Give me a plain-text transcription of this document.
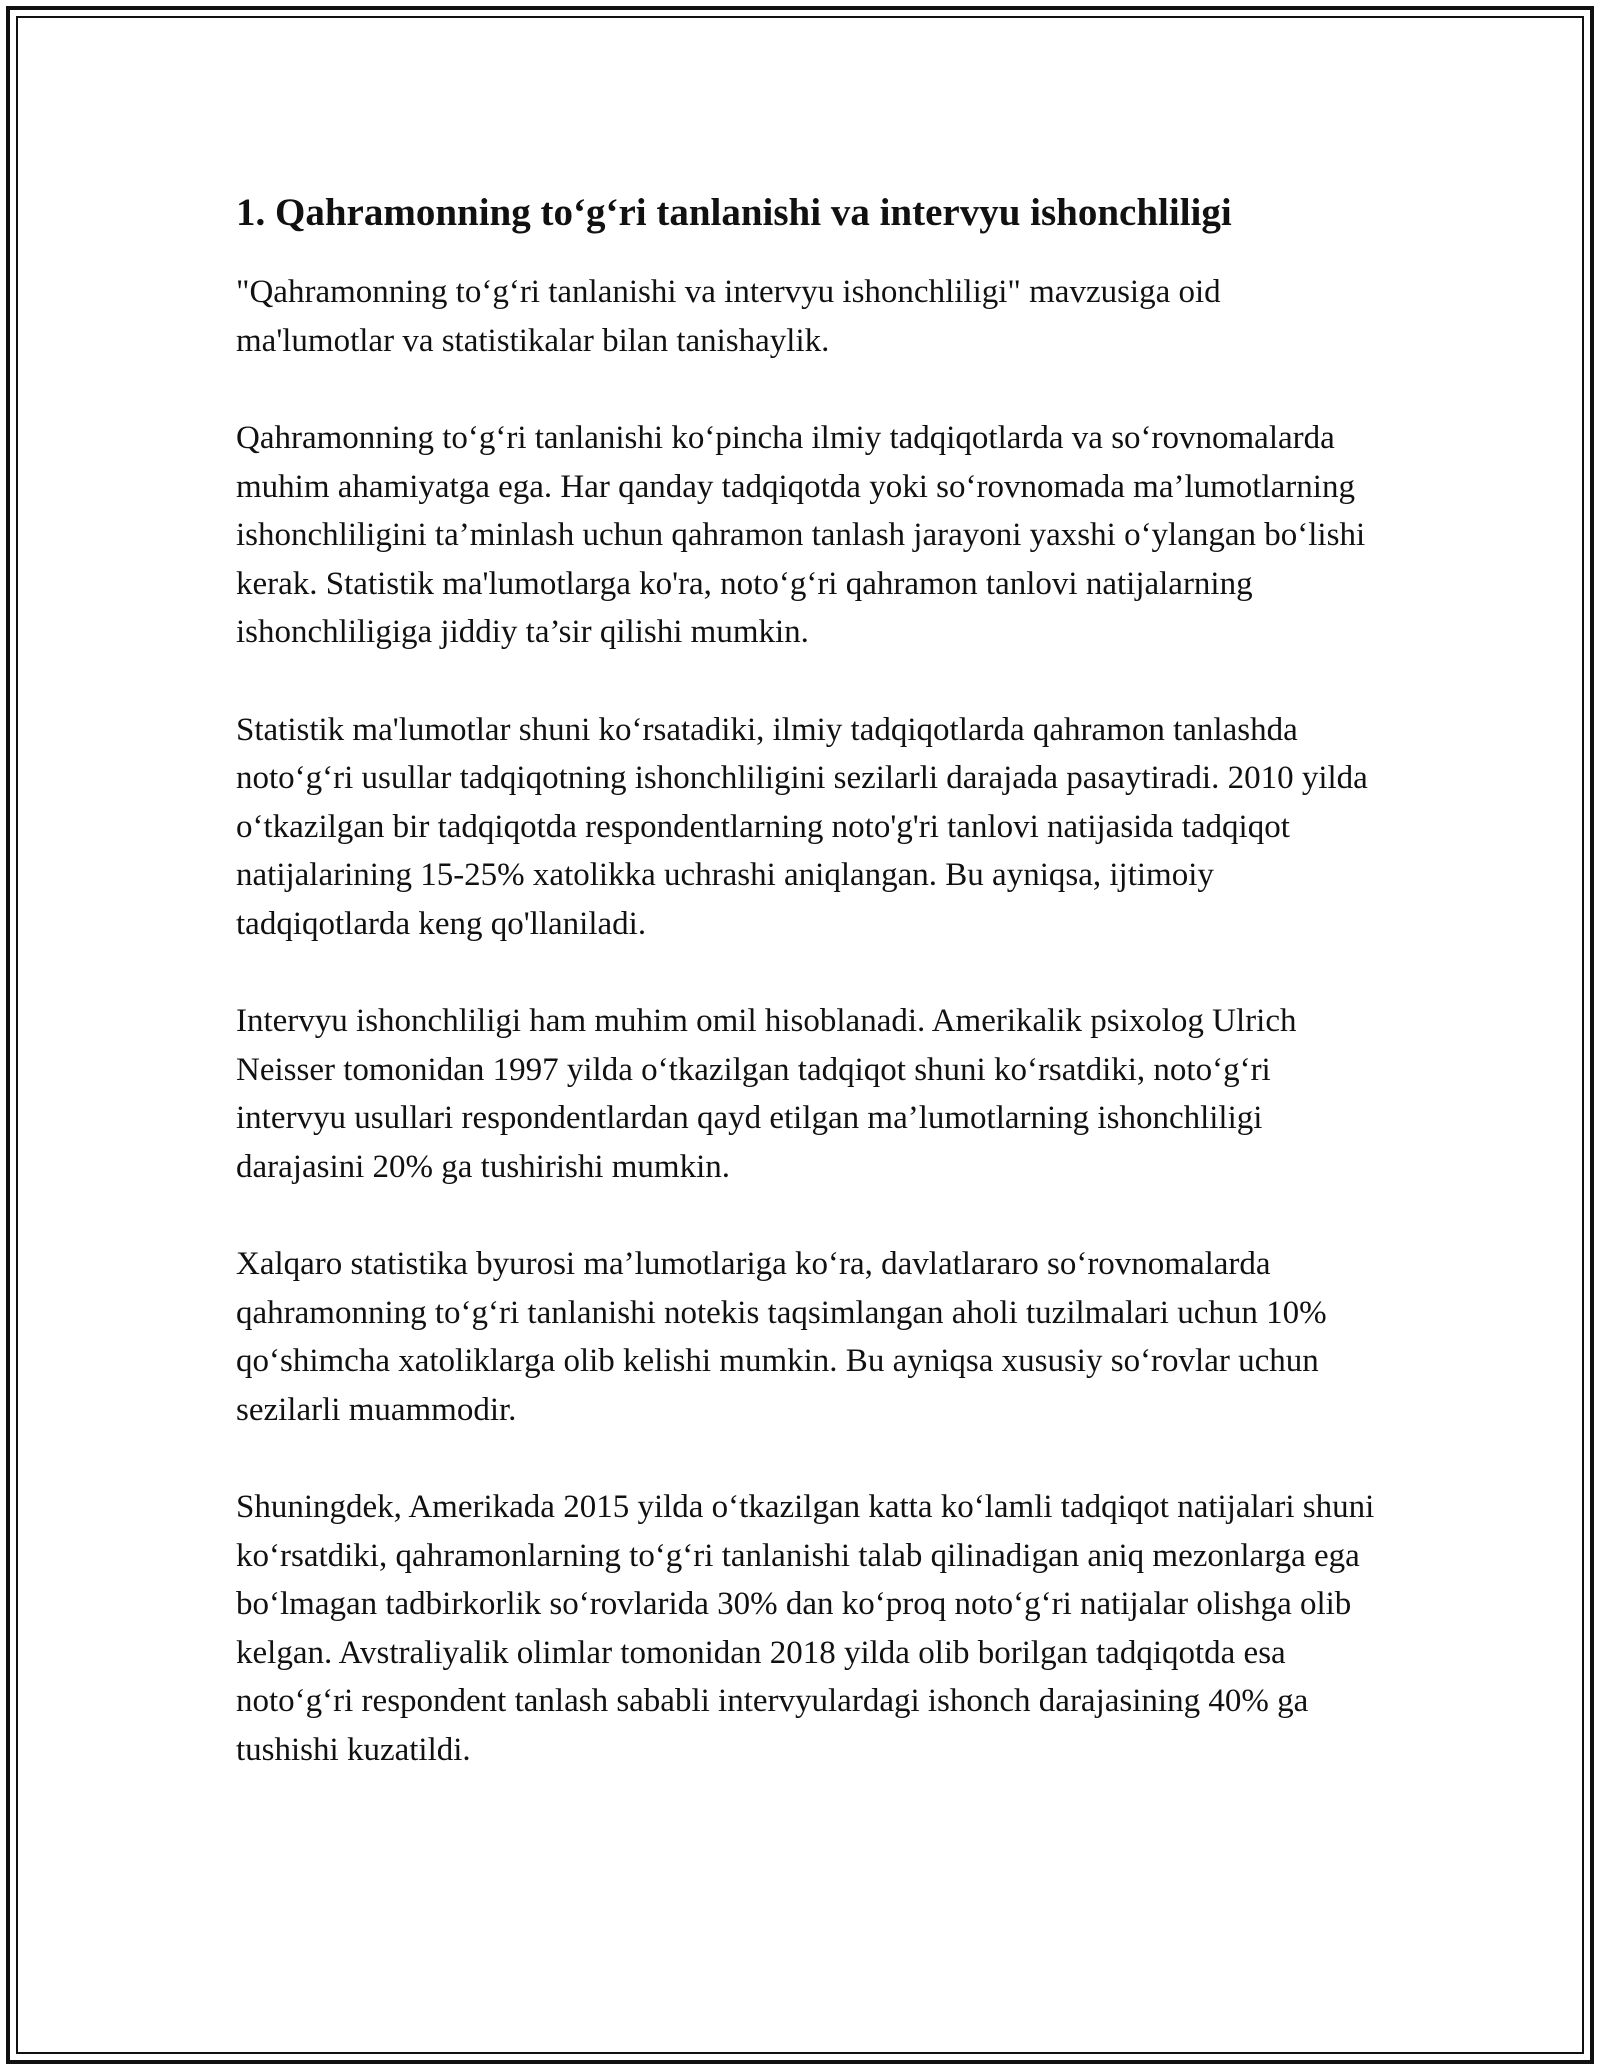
1. Qahramonning to‘g‘ri tanlanishi va intervyu ishonchliligi

"Qahramonning to‘g‘ri tanlanishi va intervyu ishonchliligi" mavzusiga oid ma'lumotlar va statistikalar bilan tanishaylik.

Qahramonning to‘g‘ri tanlanishi ko‘pincha ilmiy tadqiqotlarda va so‘rovnomalarda muhim ahamiyatga ega. Har qanday tadqiqotda yoki so‘rovnomada ma’lumotlarning ishonchliligini ta’minlash uchun qahramon tanlash jarayoni yaxshi o‘ylangan bo‘lishi kerak. Statistik ma'lumotlarga ko'ra, noto‘g‘ri qahramon tanlovi natijalarning ishonchliligiga jiddiy ta’sir qilishi mumkin.

Statistik ma'lumotlar shuni ko‘rsatadiki, ilmiy tadqiqotlarda qahramon tanlashda noto‘g‘ri usullar tadqiqotning ishonchliligini sezilarli darajada pasaytiradi. 2010 yilda o‘tkazilgan bir tadqiqotda respondentlarning noto'g'ri tanlovi natijasida tadqiqot natijalarining 15-25% xatolikka uchrashi aniqlangan. Bu ayniqsa, ijtimoiy tadqiqotlarda keng qo'llaniladi.

Intervyu ishonchliligi ham muhim omil hisoblanadi. Amerikalik psixolog Ulrich Neisser tomonidan 1997 yilda o‘tkazilgan tadqiqot shuni ko‘rsatdiki, noto‘g‘ri intervyu usullari respondentlardan qayd etilgan ma’lumotlarning ishonchliligi darajasini 20% ga tushirishi mumkin.

Xalqaro statistika byurosi ma’lumotlariga ko‘ra, davlatlararo so‘rovnomalarda qahramonning to‘g‘ri tanlanishi notekis taqsimlangan aholi tuzilmalari uchun 10% qo‘shimcha xatoliklarga olib kelishi mumkin. Bu ayniqsa xususiy so‘rovlar uchun sezilarli muammodir.

Shuningdek, Amerikada 2015 yilda o‘tkazilgan katta ko‘lamli tadqiqot natijalari shuni ko‘rsatdiki, qahramonlarning to‘g‘ri tanlanishi talab qilinadigan aniq mezonlarga ega bo‘lmagan tadbirkorlik so‘rovlarida 30% dan ko‘proq noto‘g‘ri natijalar olishga olib kelgan. Avstraliyalik olimlar tomonidan 2018 yilda olib borilgan tadqiqotda esa noto‘g‘ri respondent tanlash sababli intervyulardagi ishonch darajasining 40% ga tushishi kuzatildi.
